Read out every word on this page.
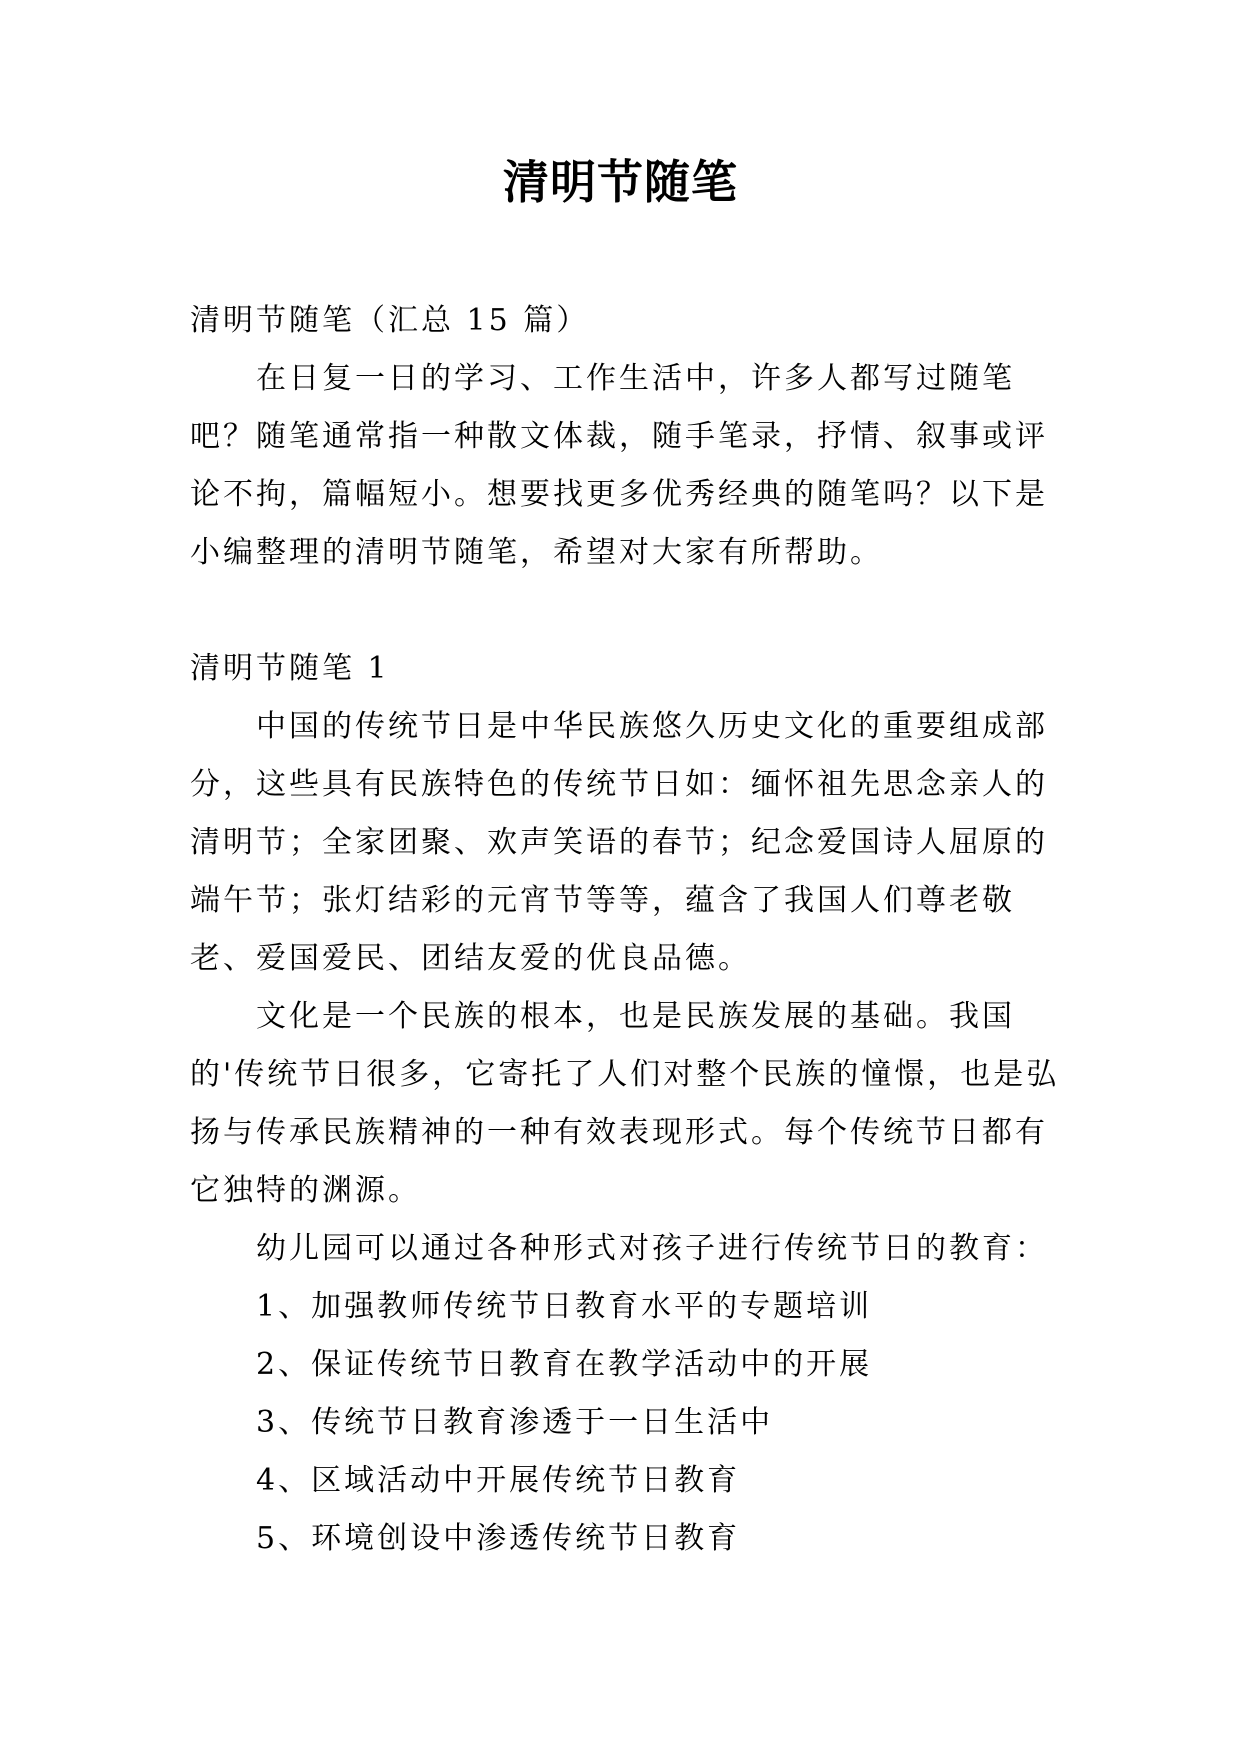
清明节随笔

清明节随笔（汇总 15 篇）

在日复一日的学习、工作生活中，许多人都写过随笔吧？随笔通常指一种散文体裁，随手笔录，抒情、叙事或评论不拘，篇幅短小。想要找更多优秀经典的随笔吗？以下是小编整理的清明节随笔，希望对大家有所帮助。

清明节随笔 1

中国的传统节日是中华民族悠久历史文化的重要组成部分，这些具有民族特色的传统节日如：缅怀祖先思念亲人的清明节；全家团聚、欢声笑语的春节；纪念爱国诗人屈原的端午节；张灯结彩的元宵节等等，蕴含了我国人们尊老敬老、爱国爱民、团结友爱的优良品德。

文化是一个民族的根本，也是民族发展的基础。我国的'传统节日很多，它寄托了人们对整个民族的憧憬，也是弘扬与传承民族精神的一种有效表现形式。每个传统节日都有它独特的渊源。

幼儿园可以通过各种形式对孩子进行传统节日的教育：

1、加强教师传统节日教育水平的专题培训

2、保证传统节日教育在教学活动中的开展

3、传统节日教育渗透于一日生活中

4、区域活动中开展传统节日教育

5、环境创设中渗透传统节日教育
